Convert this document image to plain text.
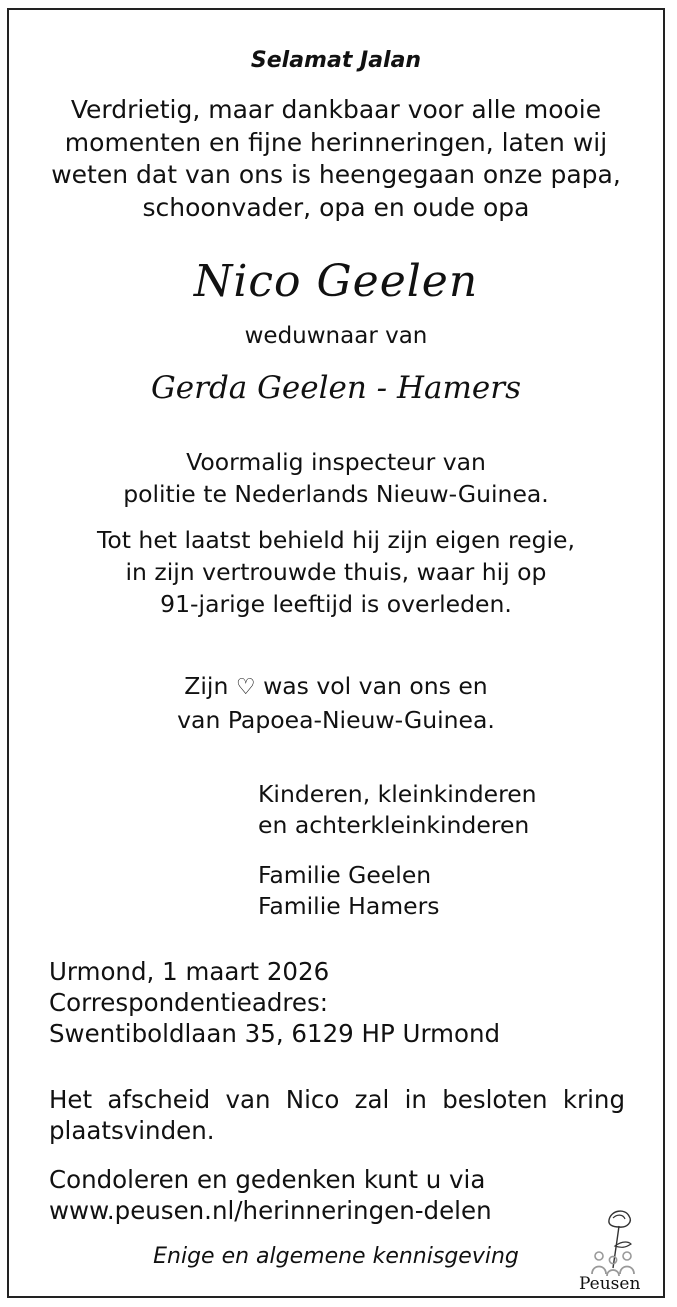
Selamat Jalan
Verdrietig, maar dankbaar voor alle mooie
momenten en fijne herinneringen, laten wij
weten dat van ons is heengegaan onze papa,
schoonvader, opa en oude opa
Nico Geelen
weduwnaar van
Gerda Geelen - Hamers
Voormalig inspecteur van
politie te Nederlands Nieuw-Guinea.
Tot het laatst behield hij zijn eigen regie,
in zijn vertrouwde thuis, waar hij op
91-jarige leeftijd is overleden.
Zijn ♡ was vol van ons en
van Papoea-Nieuw-Guinea.
Kinderen, kleinkinderen
en achterkleinkinderen
Familie Geelen
Familie Hamers
Urmond, 1 maart 2026
Correspondentieadres:
Swentiboldlaan 35, 6129 HP Urmond
Het afscheid van Nico zal in besloten kring
plaatsvinden.
Condoleren en gedenken kunt u via
www.peusen.nl/herinneringen-delen
Enige en algemene kennisgeving
Peusen
